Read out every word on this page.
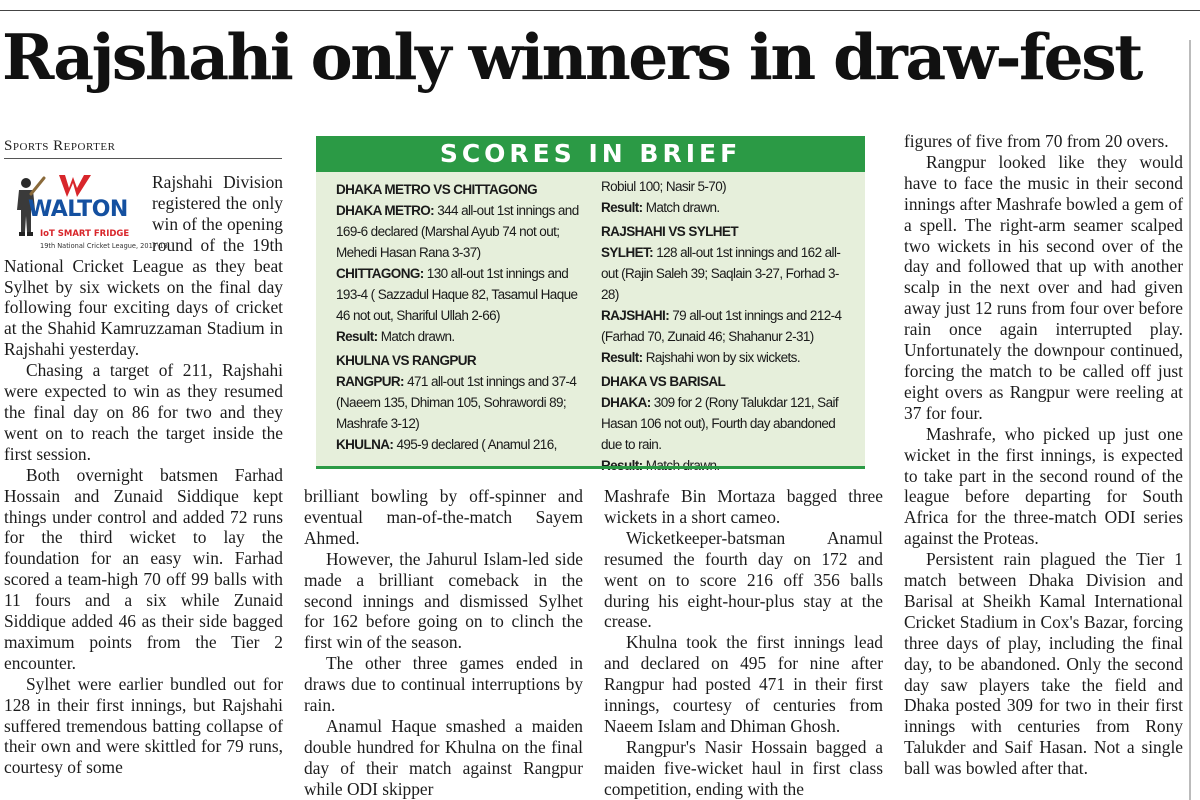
Rajshahi only winners in draw-fest
Sports Reporter
WALTON
IoT SMART FRIDGE
19th National Cricket League, 2017-18

Rajshahi Division registered the only win of the opening round of the 19th National Cricket League as they beat Sylhet by six wickets on the final day following four exciting days of cricket at the Shahid Kamruzzaman Stadium in Rajshahi yesterday.

Chasing a target of 211, Rajshahi were expected to win as they resumed the final day on 86 for two and they went on to reach the target inside the first session.

Both overnight batsmen Farhad Hossain and Zunaid Siddique kept things under control and added 72 runs for the third wicket to lay the foundation for an easy win. Farhad scored a team-high 70 off 99 balls with 11 fours and a six while Zunaid Siddique added 46 as their side bagged maximum points from the Tier 2 encounter.

Sylhet were earlier bundled out for 128 in their first innings, but Rajshahi suffered tremendous batting collapse of their own and were skittled for 79 runs, courtesy of some

SCORES IN BRIEF
DHAKA METRO VS CHITTAGONG

DHAKA METRO: 344 all-out 1st innings and 169-6 declared (Marshal Ayub 74 not out; Mehedi Hasan Rana 3-37)

CHITTAGONG: 130 all-out 1st innings and 193-4 ( Sazzadul Haque 82, Tasamul Haque 46 not out, Shariful Ullah 2-66)

Result: Match drawn.

KHULNA VS RANGPUR

RANGPUR: 471 all-out 1st innings and 37-4 (Naeem 135, Dhiman 105, Sohrawordi 89; Mashrafe 3-12)

KHULNA: 495-9 declared ( Anamul 216,

Robiul 100; Nasir 5-70)

Result: Match drawn.

RAJSHAHI VS SYLHET

SYLHET: 128 all-out 1st innings and 162 all-out (Rajin Saleh 39; Saqlain 3-27, Forhad 3-28)

RAJSHAHI: 79 all-out 1st innings and 212-4 (Farhad 70, Zunaid 46; Shahanur 2-31)

Result: Rajshahi won by six wickets.

DHAKA VS BARISAL

DHAKA: 309 for 2 (Rony Talukdar 121, Saif Hasan 106 not out), Fourth day abandoned due to rain.

brilliant bowling by off-spinner and eventual man-of-the-match Sayem Ahmed.

However, the Jahurul Islam-led side made a brilliant comeback in the second innings and dismissed Sylhet for 162 before going on to clinch the first win of the season.

The other three games ended in draws due to continual interruptions by rain.

Anamul Haque smashed a maiden double hundred for Khulna on the final day of their match against Rangpur while ODI skipper

Mashrafe Bin Mortaza bagged three wickets in a short cameo.

Wicketkeeper-batsman Anamul resumed the fourth day on 172 and went on to score 216 off 356 balls during his eight-hour-plus stay at the crease.

Khulna took the first innings lead and declared on 495 for nine after Rangpur had posted 471 in their first innings, courtesy of centuries from Naeem Islam and Dhiman Ghosh.

Rangpur's Nasir Hossain bagged a maiden five-wicket haul in first class competition, ending with the

figures of five from 70 from 20 overs.

Rangpur looked like they would have to face the music in their second innings after Mashrafe bowled a gem of a spell. The right-arm seamer scalped two wickets in his second over of the day and followed that up with another scalp in the next over and had given away just 12 runs from four over before rain once again interrupted play. Unfortunately the downpour continued, forcing the match to be called off just eight overs as Rangpur were reeling at 37 for four.

Mashrafe, who picked up just one wicket in the first innings, is expected to take part in the second round of the league before departing for South Africa for the three-match ODI series against the Proteas.

Persistent rain plagued the Tier 1 match between Dhaka Division and Barisal at Sheikh Kamal International Cricket Stadium in Cox's Bazar, forcing three days of play, including the final day, to be abandoned. Only the second day saw players take the field and Dhaka posted 309 for two in their first innings with centuries from Rony Talukder and Saif Hasan. Not a single ball was bowled after that.
